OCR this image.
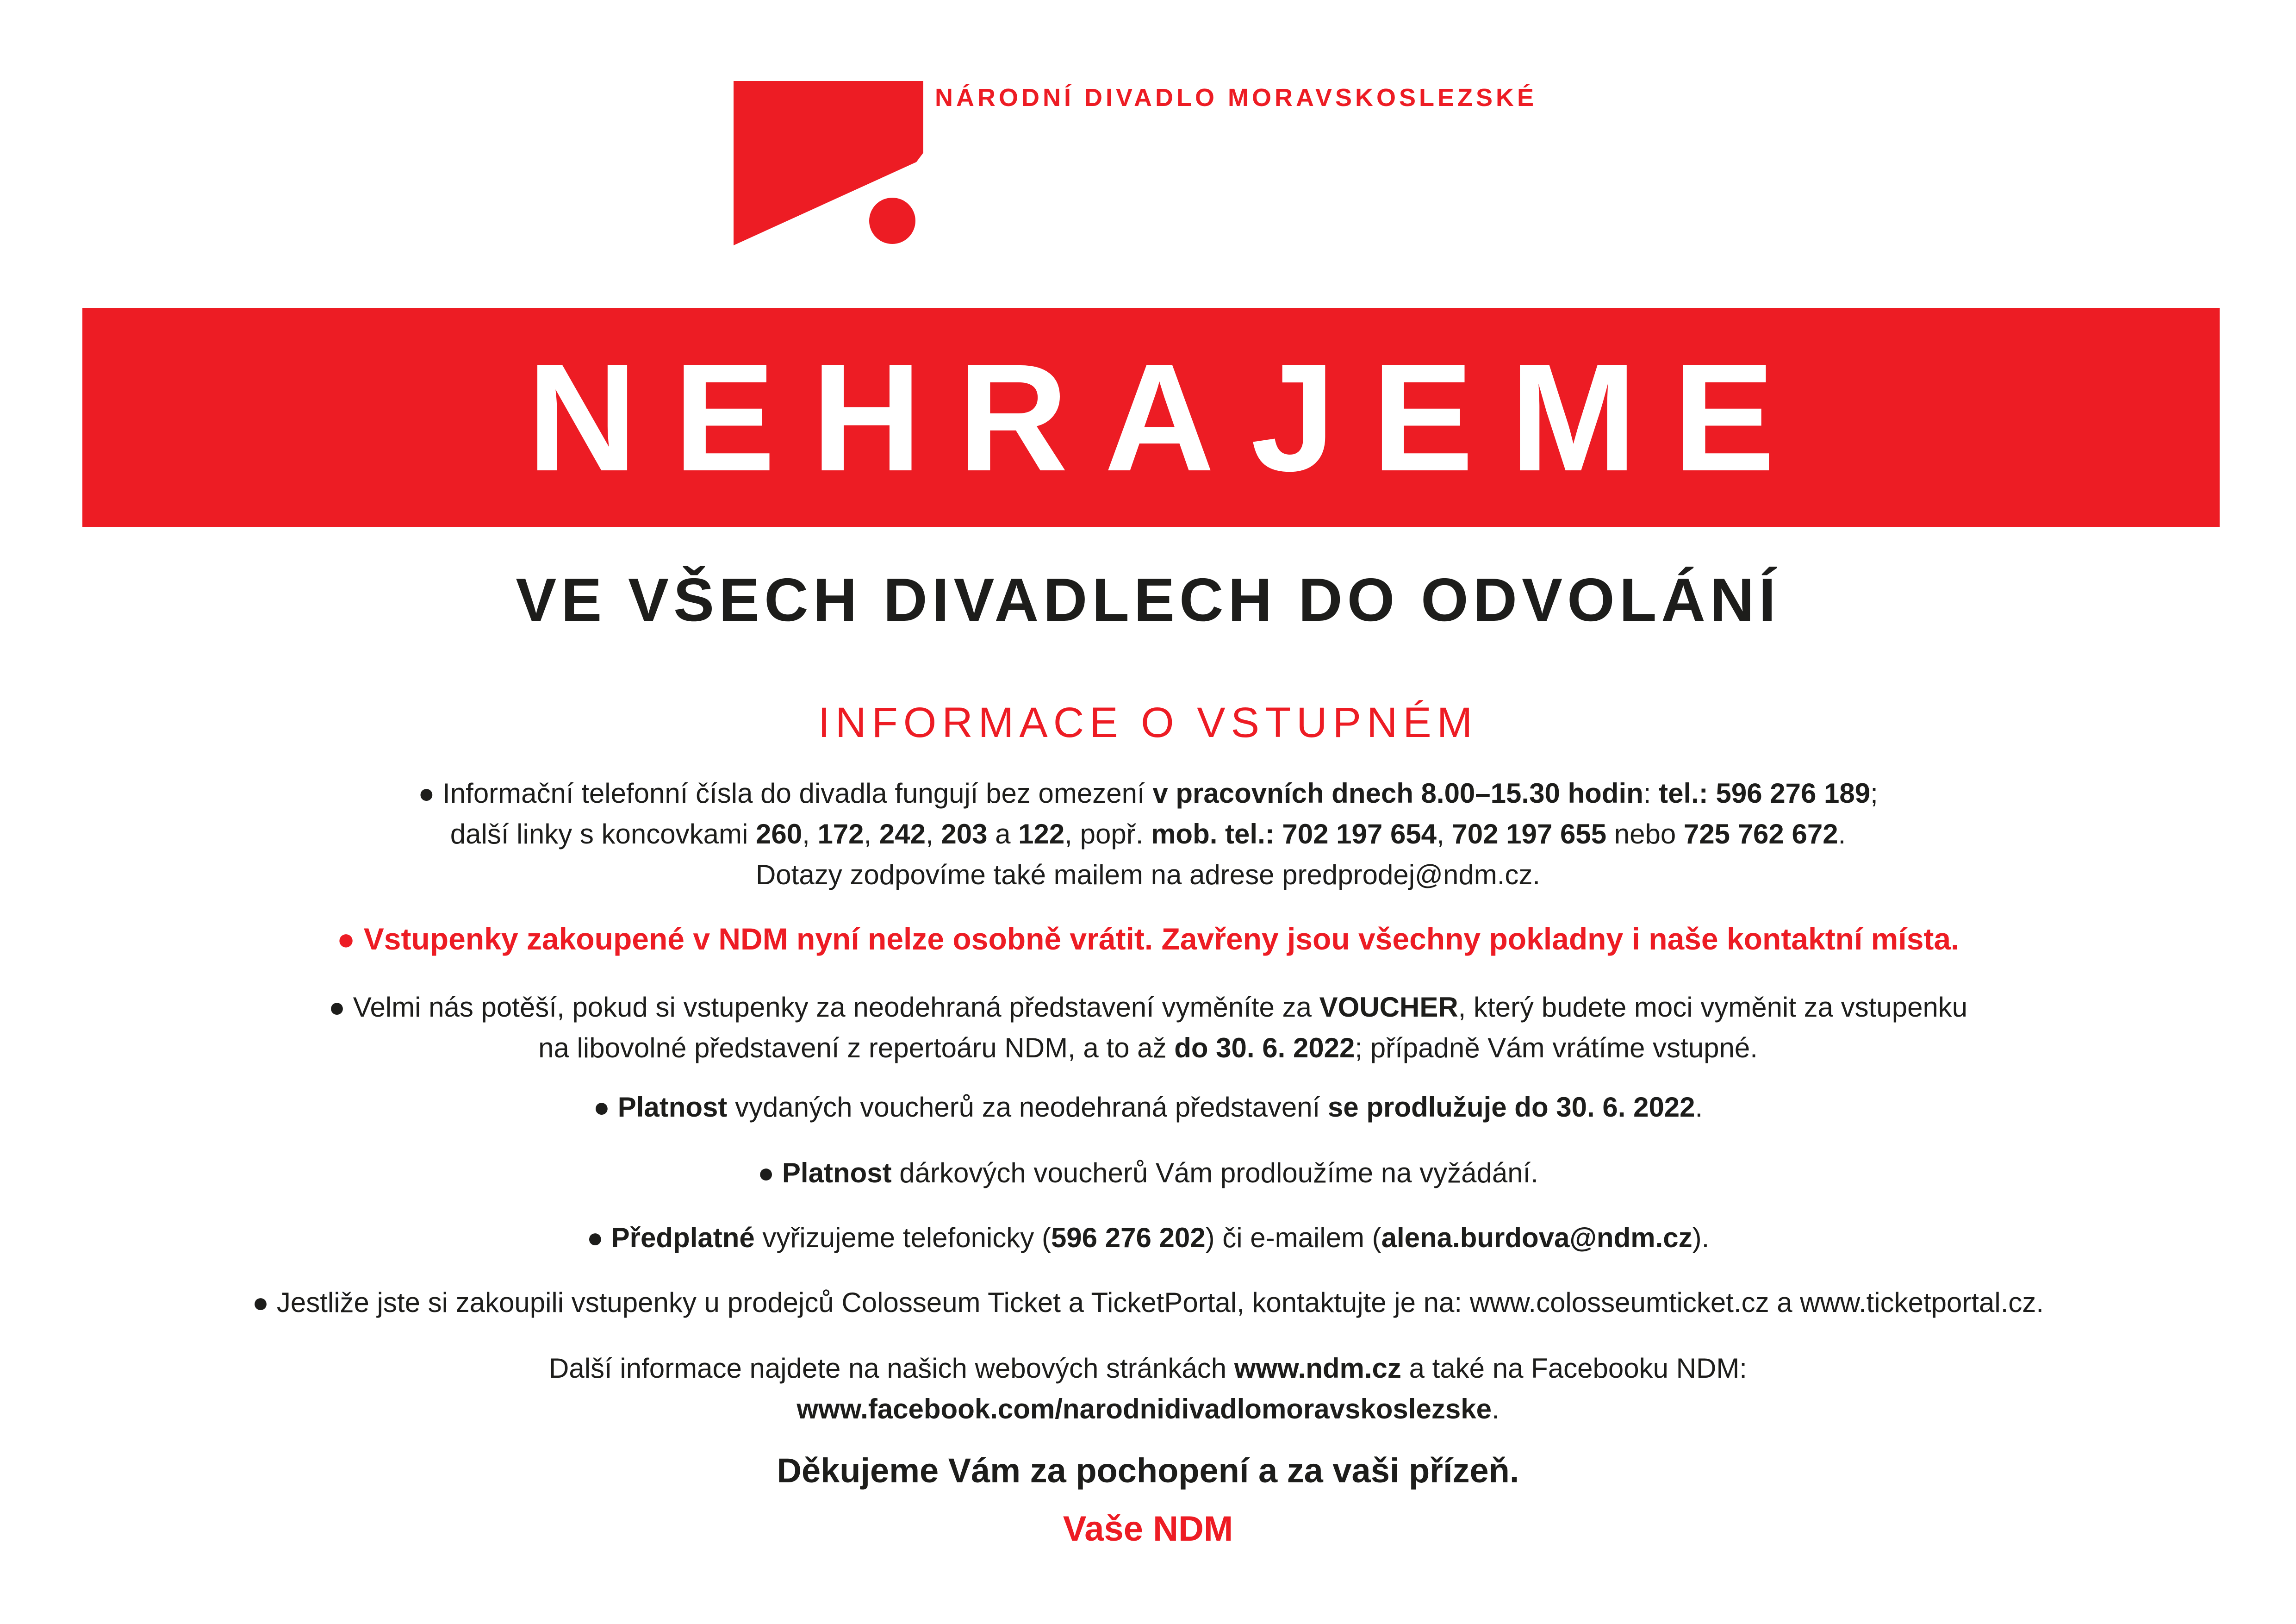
NÁRODNÍ DIVADLO MORAVSKOSLEZSKÉ
NEHRAJEME
VE VŠECH DIVADLECH DO ODVOLÁNÍ
INFORMACE O VSTUPNÉM
● Informační telefonní čísla do divadla fungují bez omezení v pracovních dnech 8.00–15.30 hodin: tel.: 596 276 189;
další linky s koncovkami 260, 172, 242, 203 a 122, popř. mob. tel.: 702 197 654, 702 197 655 nebo 725 762 672.
Dotazy zodpovíme také mailem na adrese predprodej@ndm.cz.
● Vstupenky zakoupené v NDM nyní nelze osobně vrátit. Zavřeny jsou všechny pokladny i naše kontaktní místa.
● Velmi nás potěší, pokud si vstupenky za neodehraná představení vyměníte za VOUCHER, který budete moci vyměnit za vstupenku
na libovolné představení z repertoáru NDM, a to až do 30. 6. 2022; případně Vám vrátíme vstupné.
● Platnost vydaných voucherů za neodehraná představení se prodlužuje do 30. 6. 2022.
● Platnost dárkových voucherů Vám prodloužíme na vyžádání.
● Předplatné vyřizujeme telefonicky (596 276 202) či e-mailem (alena.burdova@ndm.cz).
● Jestliže jste si zakoupili vstupenky u prodejců Colosseum Ticket a TicketPortal, kontaktujte je na: www.colosseumticket.cz a www.ticketportal.cz.
Další informace najdete na našich webových stránkách www.ndm.cz a také na Facebooku NDM:
www.facebook.com/narodnidivadlomoravskoslezske.
Děkujeme Vám za pochopení a za vaši přízeň.
Vaše NDM
